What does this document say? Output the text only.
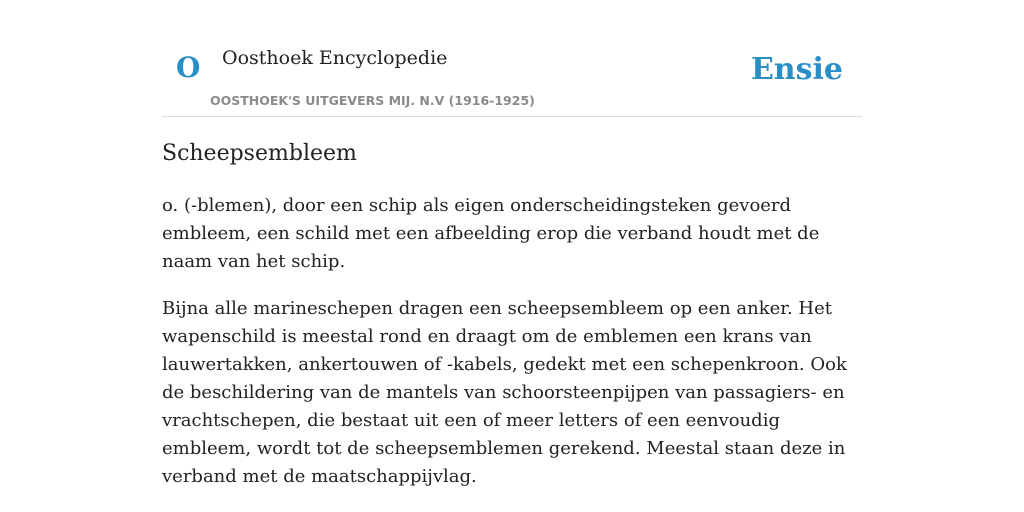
O Oosthoek Encyclopedie
OOSTHOEK'S UITGEVERS MIJ. N.V (1916-1925)
Ensie
Scheepsembleem

o. (-blemen), door een schip als eigen onderscheidingsteken gevoerd embleem, een schild met een afbeelding erop die verband houdt met de naam van het schip.

Bijna alle marineschepen dragen een scheepsembleem op een anker. Het wapenschild is meestal rond en draagt om de emblemen een krans van lauwertakken, ankertouwen of -kabels, gedekt met een schepenkroon. Ook de beschildering van de mantels van schoorsteenpijpen van passagiers- en vrachtschepen, die bestaat uit een of meer letters of een eenvoudig embleem, wordt tot de scheepsemblemen gerekend. Meestal staan deze in verband met de maatschappijvlag.
